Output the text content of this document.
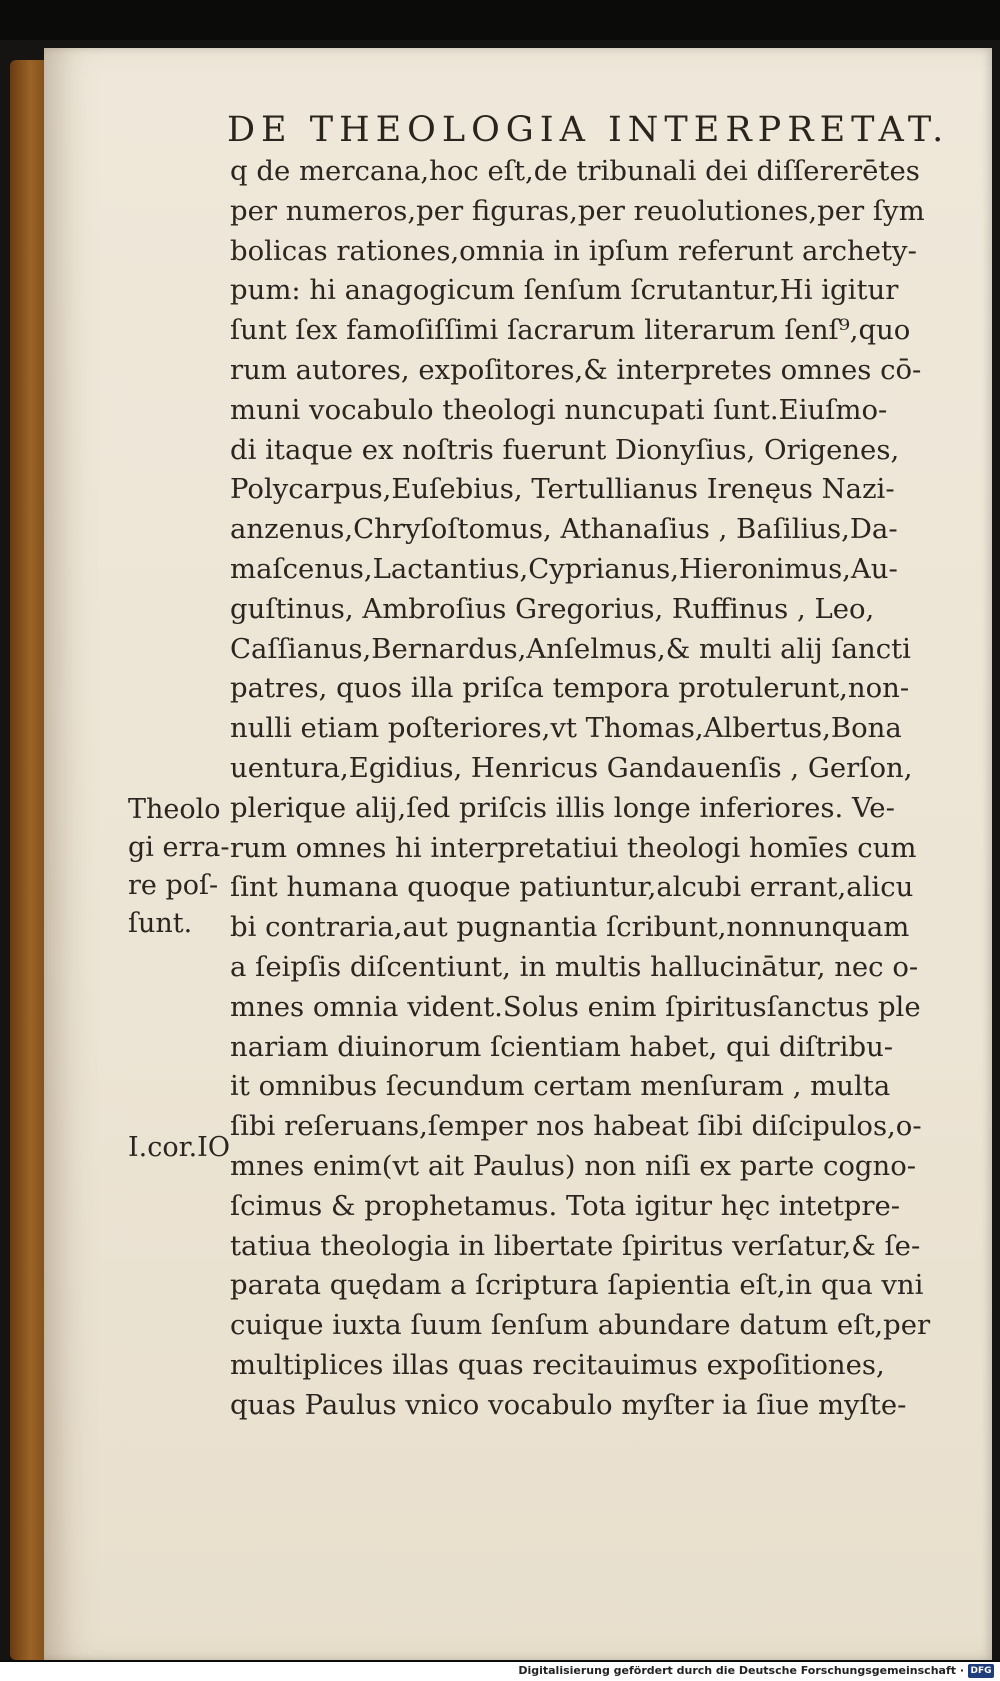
DE THEOLOGIA INTERPRETAT.
q de mercana,hoc eſt,de tribunali dei diſſererētes
per numeros,per figuras,per reuolutiones,per ſym
bolicas rationes,omnia in ipſum referunt archety-
pum: hi anagogicum ſenſum ſcrutantur,Hi igitur
ſunt ſex famoſiſſimi ſacrarum literarum ſenſ⁹,quo
rum autores, expoſitores,& interpretes omnes cō-
muni vocabulo theologi nuncupati ſunt.Eiuſmo-
di itaque ex noſtris fuerunt Dionyſius, Origenes,
Polycarpus,Euſebius, Tertullianus Irenęus Nazi-
anzenus,Chryſoſtomus, Athanaſius , Baſilius,Da-
maſcenus,Lactantius,Cyprianus,Hieronimus,Au-
guſtinus, Ambroſius Gregorius, Ruffinus , Leo,
Caſſianus,Bernardus,Anſelmus,& multi alij ſancti
patres, quos illa priſca tempora protulerunt,non-
nulli etiam poſteriores,vt Thomas,Albertus,Bona
uentura,Egidius, Henricus Gandauenſis , Gerſon,
plerique alij,ſed priſcis illis longe inferiores. Ve-
rum omnes hi interpretatiui theologi homīes cum
ſint humana quoque patiuntur,alcubi errant,alicu
bi contraria,aut pugnantia ſcribunt,nonnunquam
a ſeipſis diſcentiunt, in multis hallucinātur, nec o-
mnes omnia vident.Solus enim ſpiritusſanctus ple
nariam diuinorum ſcientiam habet, qui diſtribu-
it omnibus ſecundum certam menſuram , multa
ſibi reſeruans,ſemper nos habeat ſibi diſcipulos,o-
mnes enim(vt ait Paulus) non niſi ex parte cogno-
ſcimus & prophetamus. Tota igitur hęc intetpre-
tatiua theologia in libertate ſpiritus verſatur,& ſe-
parata quędam a ſcriptura ſapientia eſt,in qua vni
cuique iuxta ſuum ſenſum abundare datum eſt,per
multiplices illas quas recitauimus expoſitiones,
quas Paulus vnico vocabulo myſter ia ſiue myſte-
Theolo
gi erra-
re poſ-
ſunt.
I.cor.IO
Digitalisierung gefördert durch die Deutsche Forschungsgemeinschaft · DFG
